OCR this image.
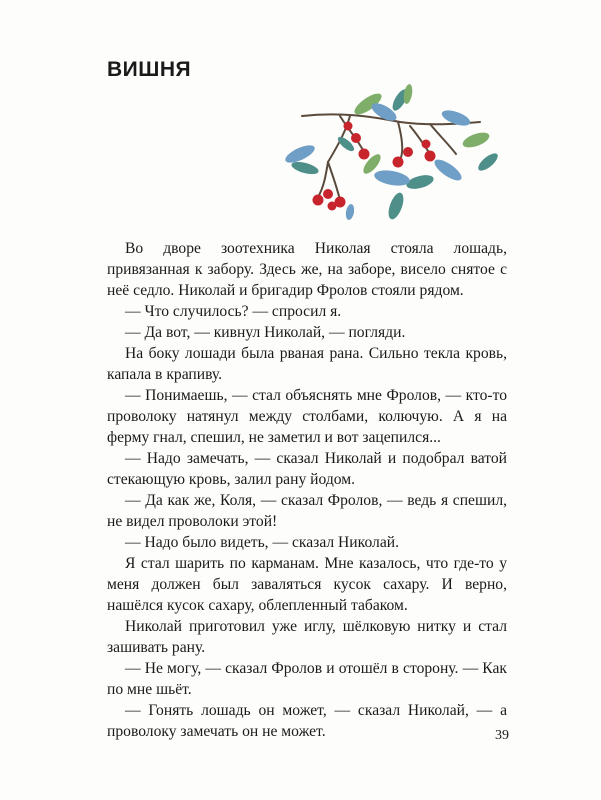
ВИШНЯ

Во дворе зоотехника Николая стояла лошадь, привязанная к забору. Здесь же, на заборе, висело снятое с неё седло. Николай и бригадир Фролов стояли рядом.

— Что случилось? — спросил я.

— Да вот, — кивнул Николай, — погляди.

На боку лошади была рваная рана. Сильно текла кровь, капала в крапиву.

— Понимаешь, — стал объяснять мне Фролов, — кто-то проволоку натянул между столбами, колючую. А я на ферму гнал, спешил, не заметил и вот зацепился...

— Надо замечать, — сказал Николай и подобрал ватой стекающую кровь, залил рану йодом.

— Да как же, Коля, — сказал Фролов, — ведь я спешил, не видел проволоки этой!

— Надо было видеть, — сказал Николай.

Я стал шарить по карманам. Мне казалось, что где-то у меня должен был заваляться кусок сахару. И верно, нашёлся кусок сахару, облепленный табаком.

Николай приготовил уже иглу, шёлковую нитку и стал зашивать рану.

— Не могу, — сказал Фролов и отошёл в сторону. — Как по мне шьёт.

— Гонять лошадь он может, — сказал Николай, — а проволоку замечать он не может.	39
